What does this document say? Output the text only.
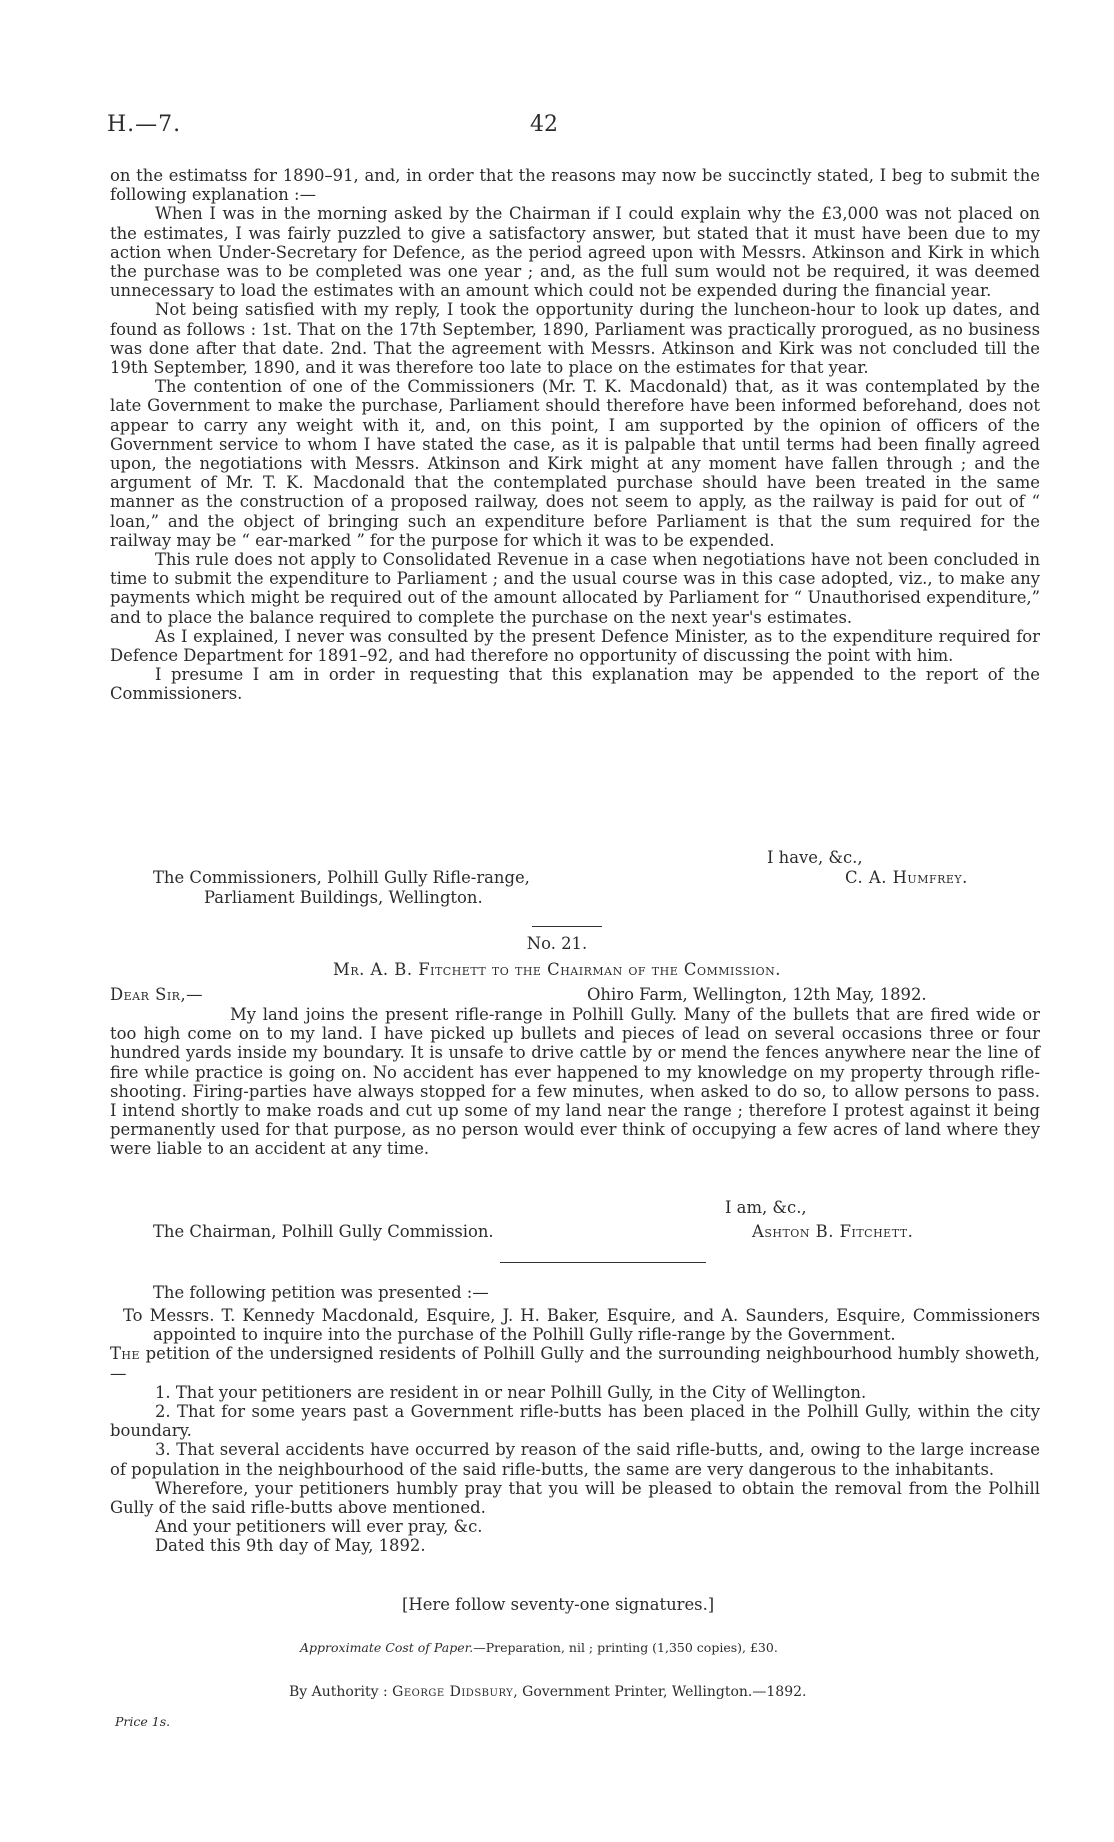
H.—7.	42

on the estimatss for 1890–91, and, in order that the reasons may now be succinctly stated, I beg to submit the following explanation :—

When I was in the morning asked by the Chairman if I could explain why the £3,000 was not placed on the estimates, I was fairly puzzled to give a satisfactory answer, but stated that it must have been due to my action when Under-Secretary for Defence, as the period agreed upon with Messrs. Atkinson and Kirk in which the purchase was to be completed was one year ; and, as the full sum would not be required, it was deemed unnecessary to load the estimates with an amount which could not be expended during the financial year.

Not being satisfied with my reply, I took the opportunity during the luncheon-hour to look up dates, and found as follows : 1st. That on the 17th September, 1890, Parliament was practically prorogued, as no business was done after that date. 2nd. That the agreement with Messrs. Atkinson and Kirk was not concluded till the 19th September, 1890, and it was therefore too late to place on the estimates for that year.

The contention of one of the Commissioners (Mr. T. K. Macdonald) that, as it was contemplated by the late Government to make the purchase, Parliament should therefore have been informed beforehand, does not appear to carry any weight with it, and, on this point, I am supported by the opinion of officers of the Government service to whom I have stated the case, as it is palpable that until terms had been finally agreed upon, the negotiations with Messrs. Atkinson and Kirk might at any moment have fallen through ; and the argument of Mr. T. K. Macdonald that the contemplated purchase should have been treated in the same manner as the construction of a proposed railway, does not seem to apply, as the railway is paid for out of “ loan,” and the object of bringing such an expenditure before Parliament is that the sum required for the railway may be “ ear-marked ” for the purpose for which it was to be expended.

This rule does not apply to Consolidated Revenue in a case when negotiations have not been concluded in time to submit the expenditure to Parliament ; and the usual course was in this case adopted, viz., to make any payments which might be required out of the amount allocated by Parliament for “ Unauthorised expenditure,” and to place the balance required to complete the purchase on the next year's estimates.

As I explained, I never was consulted by the present Defence Minister, as to the expenditure required for Defence Department for 1891–92, and had therefore no opportunity of discussing the point with him.

I presume I am in order in requesting that this explanation may be appended to the report of the Commissioners.

I have, &c.,
The Commissioners, Polhill Gully Rifle-range,	C. A. Humfrey.
Parliament Buildings, Wellington.
No. 21.
Mr. A. B. Fitchett to the Chairman of the Commission.
Dear Sir,—	Ohiro Farm, Wellington, 12th May, 1892.

My land joins the present rifle-range in Polhill Gully. Many of the bullets that are fired wide or too high come on to my land. I have picked up bullets and pieces of lead on several occasions three or four hundred yards inside my boundary. It is unsafe to drive cattle by or mend the fences anywhere near the line of fire while practice is going on. No accident has ever happened to my knowledge on my property through rifle-shooting. Firing-parties have always stopped for a few minutes, when asked to do so, to allow persons to pass. I intend shortly to make roads and cut up some of my land near the range ; therefore I protest against it being permanently used for that purpose, as no person would ever think of occupying a few acres of land where they were liable to an accident at any time.

I am, &c.,
The Chairman, Polhill Gully Commission.	Ashton B. Fitchett.
The following petition was presented :—

To Messrs. T. Kennedy Macdonald, Esquire, J. H. Baker, Esquire, and A. Saunders, Esquire, Commissioners appointed to inquire into the purchase of the Polhill Gully rifle-range by the Government.

The petition of the undersigned residents of Polhill Gully and the surrounding neighbourhood humbly showeth,—

1. That your petitioners are resident in or near Polhill Gully, in the City of Wellington.

2. That for some years past a Government rifle-butts has been placed in the Polhill Gully, within the city boundary.

3. That several accidents have occurred by reason of the said rifle-butts, and, owing to the large increase of population in the neighbourhood of the said rifle-butts, the same are very dangerous to the inhabitants.

Wherefore, your petitioners humbly pray that you will be pleased to obtain the removal from the Polhill Gully of the said rifle-butts above mentioned.

And your petitioners will ever pray, &c.

Dated this 9th day of May, 1892.

[Here follow seventy-one signatures.]
Approximate Cost of Paper.—Preparation, nil ; printing (1,350 copies), £30.
By Authority : George Didsbury, Government Printer, Wellington.—1892.
Price 1s.
